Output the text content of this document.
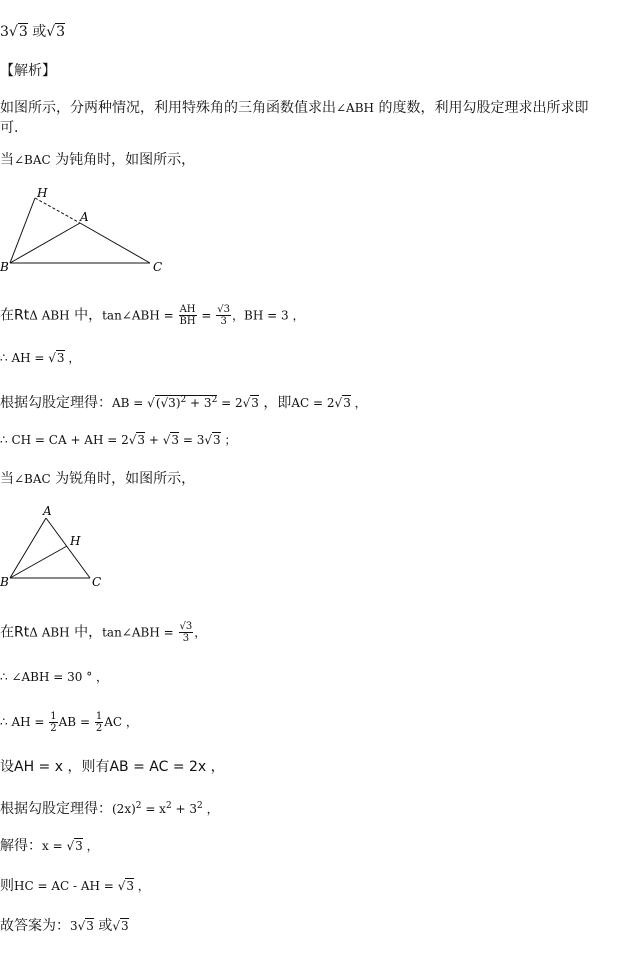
3√3 或√3
【解析】
如图所示，分两种情况，利用特殊角的三角函数值求出∠ABH 的度数，利用勾股定理求出所求即
可.
当∠BAC 为钝角时，如图所示，
H
A
B	C
在RtΔ ABH 中，tan∠ABH = $\frac{AH}{BH} = \frac{√3}{3}$ ，BH = 3 ，
∴ AH = √3 ，
根据勾股定理得：AB = $√(√3)^2 + 3^2 = 2√3$ ，即AC = 2√3 ，
∴ CH = CA + AH = 2√3 + √3 = 3√3 ；
当∠BAC 为锐角时，如图所示，
A
H
B	C
在RtΔ ABH 中，tan∠ABH = $\frac{√3}{3}$ ，
∴ ∠ABH = 30 ° ，
∴ AH = $\frac{1}{2}$ AB = $\frac{1}{2}$ AC ，
设AH = x ，则有AB = AC = 2x ，
根据勾股定理得：$(2x)^2 = x^2 + 3^2$ ，
解得：x = √3 ，
则HC = AC - AH = √3 ，
故答案为：3√3 或√3
